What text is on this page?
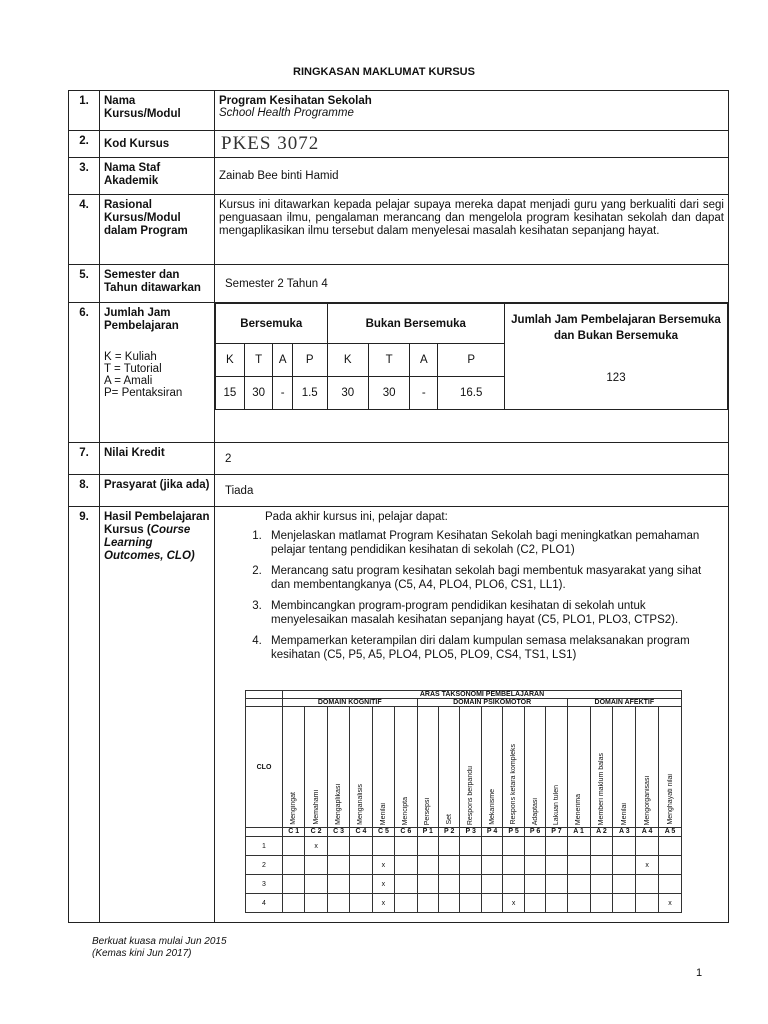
RINGKASAN MAKLUMAT KURSUS
1.	Nama Kursus/Modul	Program Kesihatan Sekolah
School Health Programme
2.	Kod Kursus	PKES 3072
3.	Nama Staf Akademik	Zainab Bee binti Hamid
4.	Rasional Kursus/Modul dalam Program	Kursus ini ditawarkan kepada pelajar supaya mereka dapat menjadi guru yang berkualiti dari segi penguasaan ilmu, pengalaman merancang dan mengelola program kesihatan sekolah dan dapat mengaplikasikan ilmu tersebut dalam menyelesai masalah kesihatan sepanjang hayat.
5.	Semester dan Tahun ditawarkan	Semester 2 Tahun 4
6.	Jumlah Jam Pembelajaran
K = Kuliah
T = Tutorial
A = Amali
P= Pentaksiran

Bersemuka	Bukan Bersemuka	Jumlah Jam Pembelajaran Bersemuka dan Bukan Bersemuka
123

K	T	A	P	K	T	A	P
15	30	-	1.5	30	30	-	16.5

7.	Nilai Kredit	2
8.	Prasyarat (jika ada)	Tiada
9.	Hasil Pembelajaran Kursus (Course Learning Outcomes, CLO)	
Pada akhir kursus ini, pelajar dapat:
1. Menjelaskan matlamat Program Kesihatan Sekolah bagi meningkatkan pemahaman pelajar tentang pendidikan kesihatan di sekolah (C2, PLO1)
2. Merancang satu program kesihatan sekolah bagi membentuk masyarakat yang sihat dan membentangkanya (C5, A4, PLO4, PLO6, CS1, LL1).
3. Membincangkan program-program pendidikan kesihatan di sekolah untuk menyelesaikan masalah kesihatan sepanjang hayat (C5, PLO1, PLO3, CTPS2).
4. Mempamerkan keterampilan diri dalam kumpulan semasa melaksanakan program kesihatan (C5, P5, A5, PLO4, PLO5, PLO9, CS4, TS1, LS1)
	ARAS TAKSONOMI PEMBELAJARAN
	DOMAIN KOGNITIF	DOMAIN PSIKOMOTOR	DOMAIN AFEKTIF
CLO	Mengingat	Memahami	Mengaplikasi	Menganalisis	Menilai	Mencipta	Persepsi	Set	Respons berpandu	Mekanisme	Respons ketara kompleks	Adaptasi	Lakuan tulen	Menerima	Memberi maklum balas	Menilai	Mengorganisasi	Menghayati nilai
	C 1	C 2	C 3	C 4	C 5	C 6	P 1	P 2	P 3	P 4	P 5	P 6	P 7	A 1	A 2	A 3	A 4	A 5
1		x																
2					x												x	
3					x													
4					x						x							x
Berkuat kuasa mulai Jun 2015
(Kemas kini Jun 2017)
1
